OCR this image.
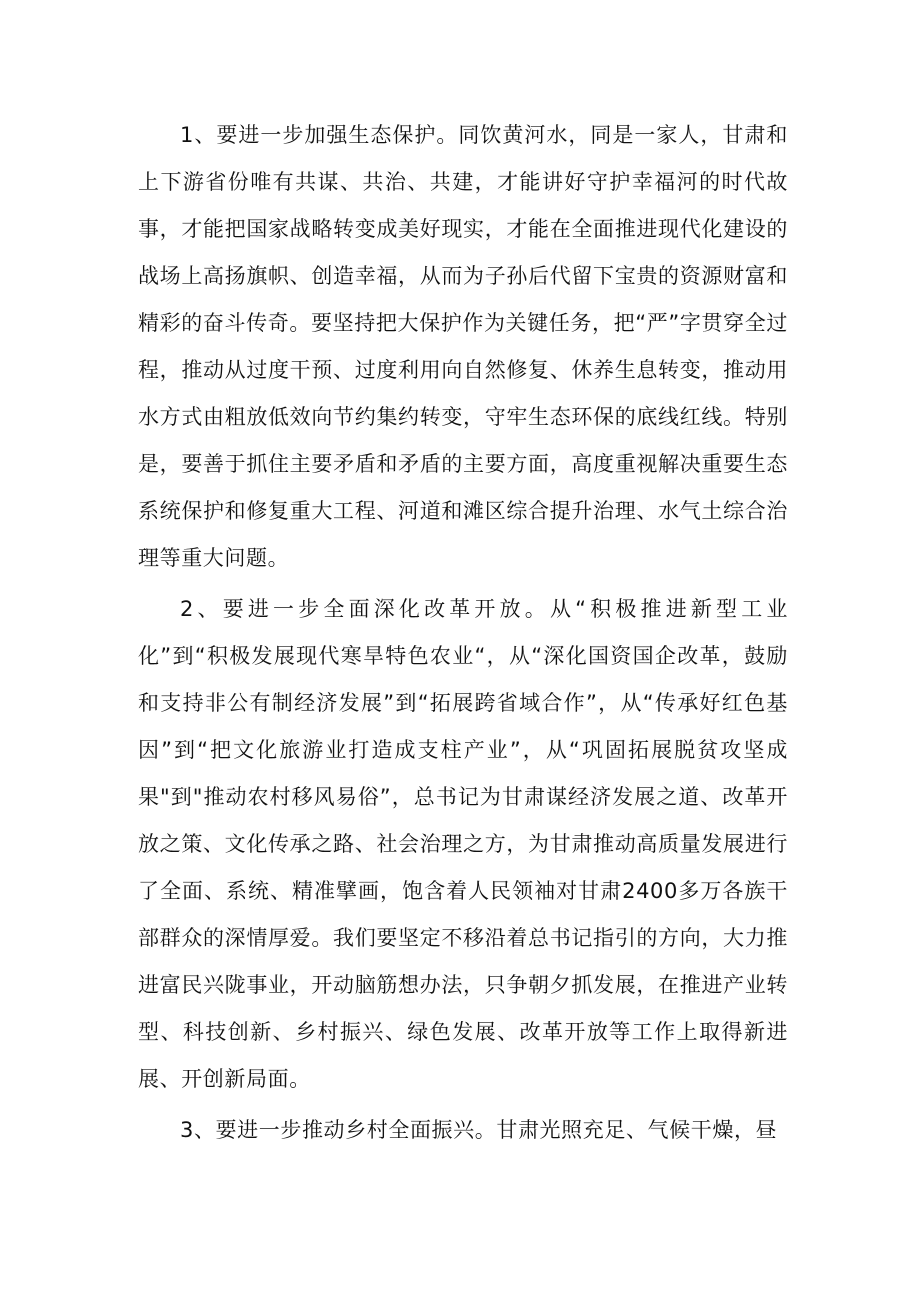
1、要进一步加强生态保护。同饮黄河水，同是一家人，甘肃和上下游省份唯有共谋、共治、共建，才能讲好守护幸福河的时代故事，才能把国家战略转变成美好现实，才能在全面推进现代化建设的战场上高扬旗帜、创造幸福，从而为子孙后代留下宝贵的资源财富和精彩的奋斗传奇。要坚持把大保护作为关键任务，把“严”字贯穿全过程，推动从过度干预、过度利用向自然修复、休养生息转变，推动用水方式由粗放低效向节约集约转变，守牢生态环保的底线红线。特别是，要善于抓住主要矛盾和矛盾的主要方面，高度重视解决重要生态系统保护和修复重大工程、河道和滩区综合提升治理、水气土综合治理等重大问题。

2、要进一步全面深化改革开放。从“积极推进新型工业化”到“积极发展现代寒旱特色农业“，从“深化国资国企改革，鼓励和支持非公有制经济发展”到“拓展跨省域合作”，从“传承好红色基因”到“把文化旅游业打造成支柱产业”，从“巩固拓展脱贫攻坚成果"到"推动农村移风易俗”，总书记为甘肃谋经济发展之道、改革开放之策、文化传承之路、社会治理之方，为甘肃推动高质量发展进行了全面、系统、精准擘画，饱含着人民领袖对甘肃2400多万各族干部群众的深情厚爱。我们要坚定不移沿着总书记指引的方向，大力推进富民兴陇事业，开动脑筋想办法，只争朝夕抓发展，在推进产业转型、科技创新、乡村振兴、绿色发展、改革开放等工作上取得新进展、开创新局面。

3、要进一步推动乡村全面振兴。甘肃光照充足、气候干燥，昼
